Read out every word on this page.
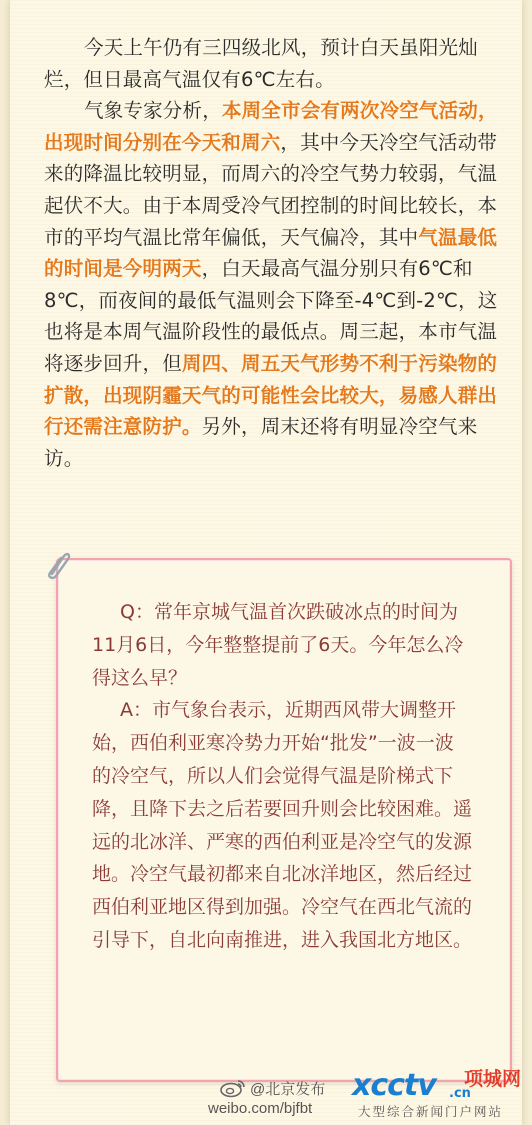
今天上午仍有三四级北风，预计白天虽阳光灿烂，但日最高气温仅有6℃左右。

气象专家分析，本周全市会有两次冷空气活动，出现时间分别在今天和周六，其中今天冷空气活动带来的降温比较明显，而周六的冷空气势力较弱，气温起伏不大。由于本周受冷气团控制的时间比较长，本市的平均气温比常年偏低，天气偏冷，其中气温最低的时间是今明两天，白天最高气温分别只有6℃和8℃，而夜间的最低气温则会下降至-4℃到-2℃，这也将是本周气温阶段性的最低点。周三起，本市气温将逐步回升，但周四、周五天气形势不利于污染物的扩散，出现阴霾天气的可能性会比较大，易感人群出行还需注意防护。另外，周末还将有明显冷空气来访。

Q：常年京城气温首次跌破冰点的时间为11月6日，今年整整提前了6天。今年怎么冷得这么早？

A：市气象台表示，近期西风带大调整开始，西伯利亚寒冷势力开始“批发”一波一波的冷空气，所以人们会觉得气温是阶梯式下降，且降下去之后若要回升则会比较困难。遥远的北冰洋、严寒的西伯利亚是冷空气的发源地。冷空气最初都来自北冰洋地区，然后经过西伯利亚地区得到加强。冷空气在西北气流的引导下，自北向南推进，进入我国北方地区。

@北京发布
weibo.com/bjfbt
xcctv .cn
项城网
大型综合新闻门户网站
